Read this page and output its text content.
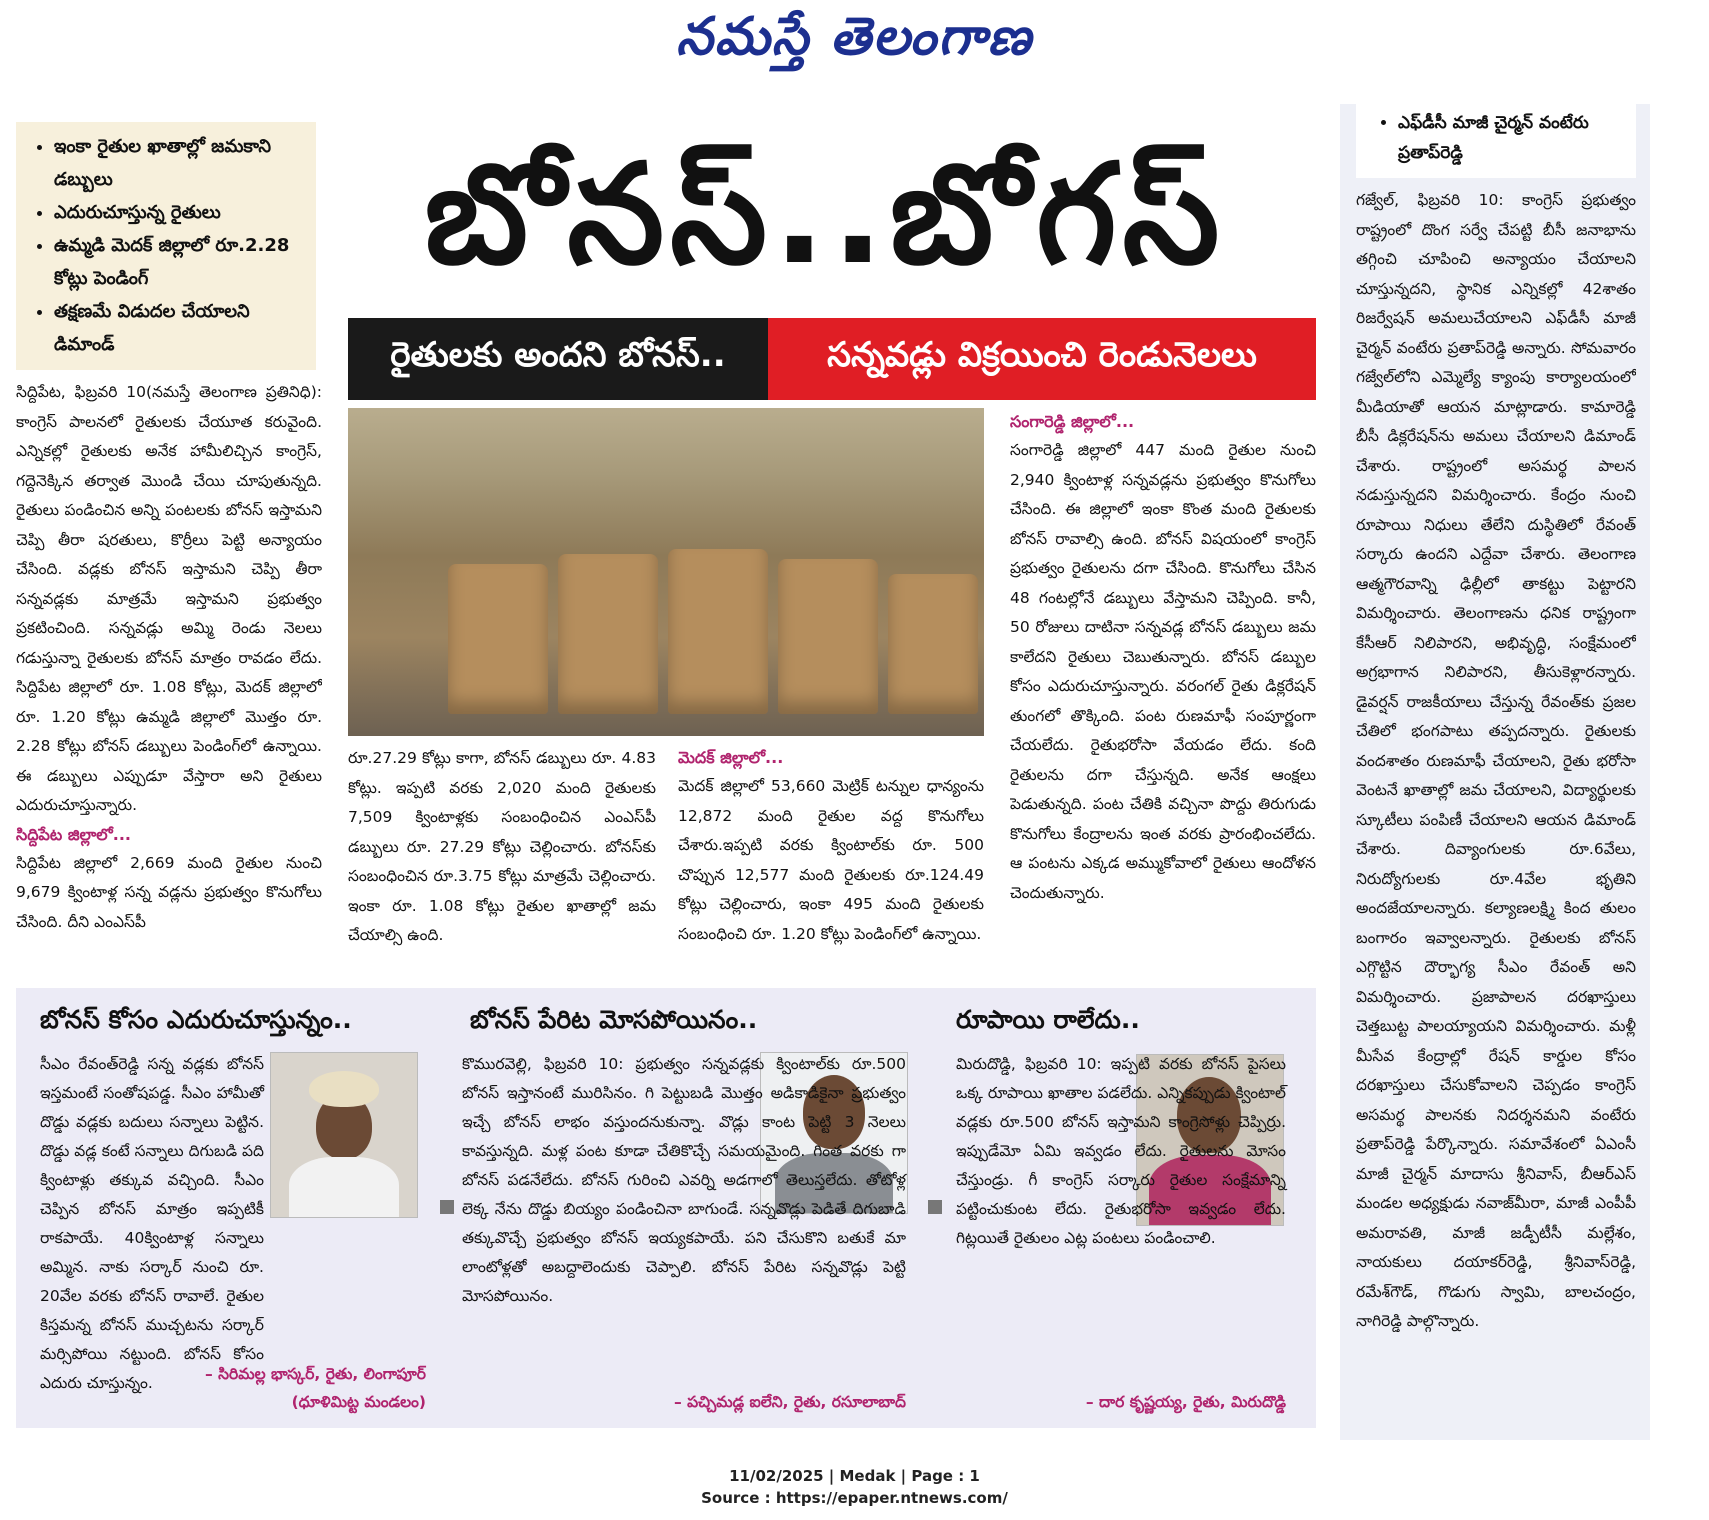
నమస్తే తెలంగాణ
• ఇంకా రైతుల ఖాతాల్లో జమకాని డబ్బులు
• ఎదురుచూస్తున్న రైతులు
• ఉమ్మడి మెదక్ జిల్లాలో రూ.2.28 కోట్లు పెండింగ్
• తక్షణమే విడుదల చేయాలని డిమాండ్
బోనస్..బోగస్
రైతులకు అందని బోనస్..	సన్నవడ్లు విక్రయించి రెండునెలలు
సిద్దిపేట, ఫిబ్రవరి 10(నమస్తే తెలంగాణ ప్రతినిధి): కాంగ్రెస్ పాలనలో రైతులకు చేయూత కరువైంది. ఎన్నికల్లో రైతులకు అనేక హామీలిచ్చిన కాంగ్రెస్, గద్దెనెక్కిన తర్వాత మొండి చేయి చూపుతున్నది. రైతులు పండించిన అన్ని పంటలకు బోనస్ ఇస్తామని చెప్పి తీరా షరతులు, కొర్రీలు పెట్టి అన్యాయం చేసింది. వడ్లకు బోనస్ ఇస్తామని చెప్పి తీరా సన్నవడ్లకు మాత్రమే ఇస్తామని ప్రభుత్వం ప్రకటించింది. సన్నవడ్లు అమ్మి రెండు నెలలు గడుస్తున్నా రైతులకు బోనస్ మాత్రం రావడం లేదు. సిద్దిపేట జిల్లాలో రూ. 1.08 కోట్లు, మెదక్ జిల్లాలో రూ. 1.20 కోట్లు ఉమ్మడి జిల్లాలో మొత్తం రూ. 2.28 కోట్లు బోనస్ డబ్బులు పెండింగ్‌లో ఉన్నాయి. ఈ డబ్బులు ఎప్పుడూ వేస్తారా అని రైతులు ఎదురుచూస్తున్నారు.
సిద్దిపేట జిల్లాలో...
సిద్దిపేట జిల్లాలో 2,669 మంది రైతుల నుంచి 9,679 క్వింటాళ్ల సన్న వడ్లను ప్రభుత్వం కొనుగోలు చేసింది. దీని ఎంఎస్‌పీ
రూ.27.29 కోట్లు కాగా, బోనస్ డబ్బులు రూ. 4.83 కోట్లు. ఇప్పటి వరకు 2,020 మంది రైతులకు 7,509 క్వింటాళ్లకు సంబంధించిన ఎంఎస్‌పీ డబ్బులు రూ. 27.29 కోట్లు చెల్లించారు. బోనస్‌కు సంబంధించిన రూ.3.75 కోట్లు మాత్రమే చెల్లించారు. ఇంకా రూ. 1.08 కోట్లు రైతుల ఖాతాల్లో జమ చేయాల్సి ఉంది.
మెదక్ జిల్లాలో...
మెదక్ జిల్లాలో 53,660 మెట్రిక్ టన్నుల ధాన్యంను 12,872 మంది రైతుల వద్ద కొనుగోలు చేశారు.ఇప్పటి వరకు క్వింటాల్‌కు రూ. 500 చొప్పున 12,577 మంది రైతులకు రూ.124.49 కోట్లు చెల్లించారు, ఇంకా 495 మంది రైతులకు సంబంధించి రూ. 1.20 కోట్లు పెండింగ్‌లో ఉన్నాయి.
సంగారెడ్డి జిల్లాలో...
సంగారెడ్డి జిల్లాలో 447 మంది రైతుల నుంచి 2,940 క్వింటాళ్ల సన్నవడ్లను ప్రభుత్వం కొనుగోలు చేసింది. ఈ జిల్లాలో ఇంకా కొంత మంది రైతులకు బోనస్ రావాల్సి ఉంది. బోనస్ విషయంలో కాంగ్రెస్ ప్రభుత్వం రైతులను దగా చేసింది. కొనుగోలు చేసిన 48 గంటల్లోనే డబ్బులు వేస్తామని చెప్పింది. కానీ, 50 రోజులు దాటినా సన్నవడ్ల బోనస్ డబ్బులు జమ కాలేదని రైతులు చెబుతున్నారు. బోనస్ డబ్బుల కోసం ఎదురుచూస్తున్నారు. వరంగల్ రైతు డిక్లరేషన్ తుంగలో తొక్కింది. పంట రుణమాఫీ సంపూర్ణంగా చేయలేదు. రైతుభరోసా వేయడం లేదు. కంది రైతులను దగా చేస్తున్నది. అనేక ఆంక్షలు పెడుతున్నది. పంట చేతికి వచ్చినా పొద్దు తిరుగుడు కొనుగోలు కేంద్రాలను ఇంత వరకు ప్రారంభించలేదు. ఆ పంటను ఎక్కడ అమ్ముకోవాలో రైతులు ఆందోళన చెందుతున్నారు.
• ఎఫ్‌డీసీ మాజీ చైర్మన్ వంటేరు ప్రతాప్‌రెడ్డి
గజ్వేల్, ఫిబ్రవరి 10: కాంగ్రెస్ ప్రభుత్వం రాష్ట్రంలో దొంగ సర్వే చేపట్టి బీసీ జనాభాను తగ్గించి చూపించి అన్యాయం చేయాలని చూస్తున్నదని, స్థానిక ఎన్నికల్లో 42శాతం రిజర్వేషన్ అమలుచేయాలని ఎఫ్‌డీసీ మాజీ చైర్మన్ వంటేరు ప్రతాప్‌రెడ్డి అన్నారు. సోమవారం గజ్వేల్‌లోని ఎమ్మెల్యే క్యాంపు కార్యాలయంలో మీడియాతో ఆయన మాట్లాడారు. కామారెడ్డి బీసీ డిక్లరేషన్‌ను అమలు చేయాలని డిమాండ్ చేశారు. రాష్ట్రంలో అసమర్థ పాలన నడుస్తున్నదని విమర్శించారు. కేంద్రం నుంచి రూపాయి నిధులు తేలేని దుస్థితిలో రేవంత్ సర్కారు ఉందని ఎద్దేవా చేశారు. తెలంగాణ ఆత్మగౌరవాన్ని ఢిల్లీలో తాకట్టు పెట్టారని విమర్శించారు. తెలంగాణను ధనిక రాష్ట్రంగా కేసీఆర్ నిలిపారని, అభివృద్ధి, సంక్షేమంలో అగ్రభాగాన నిలిపారని, తీసుకెళ్లారన్నారు. డైవర్షన్ రాజకీయాలు చేస్తున్న రేవంత్‌కు ప్రజల చేతిలో భంగపాటు తప్పదన్నారు. రైతులకు వందశాతం రుణమాఫీ చేయాలని, రైతు భరోసా వెంటనే ఖాతాల్లో జమ చేయాలని, విద్యార్థులకు స్కూటీలు పంపిణీ చేయాలని ఆయన డిమాండ్ చేశారు. దివ్యాంగులకు రూ.6వేలు, నిరుద్యోగులకు రూ.4వేల భృతిని అందజేయాలన్నారు. కల్యాణలక్ష్మి కింద తులం బంగారం ఇవ్వాలన్నారు. రైతులకు బోనస్ ఎగ్గొట్టిన దౌర్భాగ్య సీఎం రేవంత్ అని విమర్శించారు. ప్రజాపాలన దరఖాస్తులు చెత్తబుట్ట పాలయ్యాయని విమర్శించారు. మళ్లీ మీసేవ కేంద్రాల్లో రేషన్ కార్డుల కోసం దరఖాస్తులు చేసుకోవాలని చెప్పడం కాంగ్రెస్ అసమర్థ పాలనకు నిదర్శనమని వంటేరు ప్రతాప్‌రెడ్డి పేర్కొన్నారు. సమావేశంలో ఏఎంసీ మాజీ చైర్మన్ మాదాసు శ్రీనివాస్, బీఆర్‌ఎస్ మండల అధ్యక్షుడు నవాజ్‌మీరా, మాజీ ఎంపీపీ అమరావతి, మాజీ జడ్పీటీసీ మల్లేశం, నాయకులు దయాకర్‌రెడ్డి, శ్రీనివాస్‌రెడ్డి, రమేశ్‌గౌడ్, గొడుగు స్వామి, బాలచంద్రం, నాగిరెడ్డి పాల్గొన్నారు.
బోనస్ కోసం ఎదురుచూస్తున్నం..
సీఎం రేవంత్‌రెడ్డి సన్న వడ్లకు బోనస్ ఇస్తమంటే సంతోషపడ్డ. సీఎం హామీతో దొడ్డు వడ్లకు బదులు సన్నాలు పెట్టిన. దొడ్డు వడ్ల కంటే సన్నాలు దిగుబడి పది క్వింటాళ్లు తక్కువ వచ్చింది. సీఎం చెప్పిన బోనస్ మాత్రం ఇప్పటికీ రాకపాయే. 40క్వింటాళ్ల సన్నాలు అమ్మిన. నాకు సర్కార్ నుంచి రూ. 20వేల వరకు బోనస్ రావాలే. రైతుల కిస్తమన్న బోనస్ ముచ్చటను సర్కార్ మర్సిపోయి నట్టుంది. బోనస్ కోసం ఎదురు చూస్తున్నం.	– సిరిమల్ల భాస్కర్, రైతు, లింగాపూర్
(ధూళిమిట్ట మండలం)
బోనస్ పేరిట మోసపోయినం..
కొమురవెల్లి, ఫిబ్రవరి 10: ప్రభుత్వం సన్నవడ్లకు క్వింటాల్‌కు రూ.500 బోనస్ ఇస్తానంటే మురిసినం. గి పెట్టుబడి మొత్తం అడికాడికైనా ప్రభుత్వం ఇచ్చే బోనస్ లాభం వస్తుందనుకున్నా. వొడ్లు కాంట పెట్టి 3 నెలలు కావస్తున్నది. మళ్ల పంట కూడా చేతికొచ్చే సమయమైంది. గింత వరకు గా బోనస్ పడనేలేదు. బోనస్ గురించి ఎవర్ని అడగాలో తెలుస్తలేదు. తోటోళ్ల లెక్క నేను దొడ్డు బియ్యం పండించినా బాగుండే. సన్నవొడ్లు పెడితే దిగుబాడి తక్కువొచ్చే ప్రభుత్వం బోనస్ ఇయ్యకపాయే. పని చేసుకొని బతుకే మా లాంటోళ్లతో అబద్దాలెందుకు చెప్పాలి. బోనస్ పేరిట సన్నవొడ్లు పెట్టి మోసపోయినం.
– పచ్చిమడ్ల ఐలేని, రైతు, రసూలాబాద్
రూపాయి రాలేదు..
మిరుదొడ్డి, ఫిబ్రవరి 10: ఇప్పటి వరకు బోనస్ పైసలు ఒక్క రూపాయి ఖాతాల పడలేదు. ఎన్నికప్పుడు క్వింటాల్ వడ్లకు రూ.500 బోనస్ ఇస్తామని కాంగ్రెసోళ్లు చెప్పిర్రు. ఇప్పుడేమో ఏమి ఇవ్వడం లేదు. రైతులను మోసం చేస్తుండ్రు. గీ కాంగ్రెస్ సర్కారు రైతుల సంక్షేమాన్ని పట్టించుకుంట లేదు. రైతుభరోసా ఇవ్వడం లేదు. గిట్లయితే రైతులం ఎట్ల పంటలు పండించాలి.
– దార కృష్ణయ్య, రైతు, మిరుదొడ్డి
11/02/2025 | Medak | Page : 1
Source : https://epaper.ntnews.com/
